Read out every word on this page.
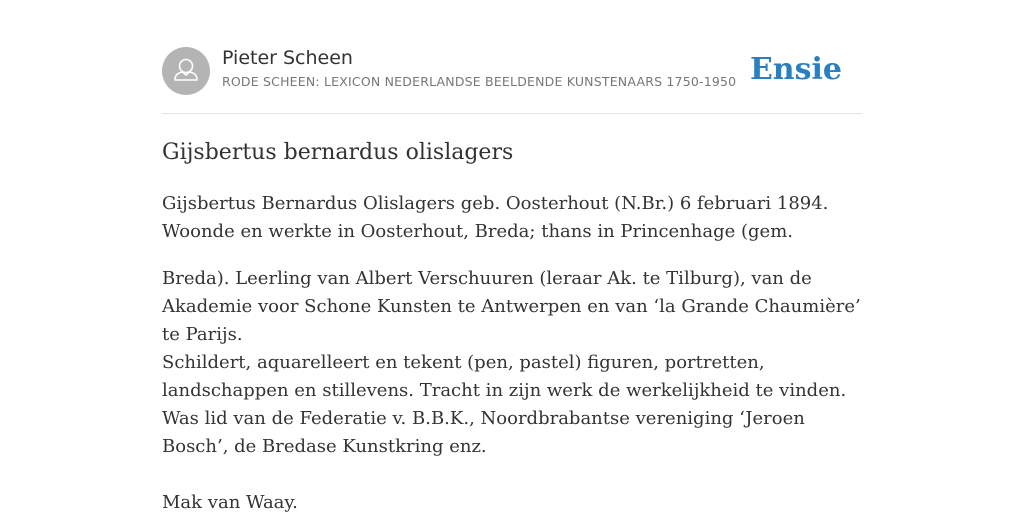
Pieter Scheen
RODE SCHEEN: LEXICON NEDERLANDSE BEELDENDE KUNSTENAARS 1750-1950 Ensie
Gijsbertus bernardus olislagers

Gijsbertus Bernardus Olislagers geb. Oosterhout (N.Br.) 6 februari 1894. Woonde en werkte in Oosterhout, Breda; thans in Princenhage (gem.

Breda). Leerling van Albert Verschuuren (leraar Ak. te Tilburg), van de Akademie voor Schone Kunsten te Antwerpen en van ‘la Grande Chaumière’ te Parijs.

Schildert, aquarelleert en tekent (pen, pastel) figuren, portretten, landschappen en stillevens. Tracht in zijn werk de werkelijkheid te vinden. Was lid van de Federatie v. B.B.K., Noordbrabantse vereniging ‘Jeroen Bosch’, de Bredase Kunstkring enz.

Mak van Waay.
